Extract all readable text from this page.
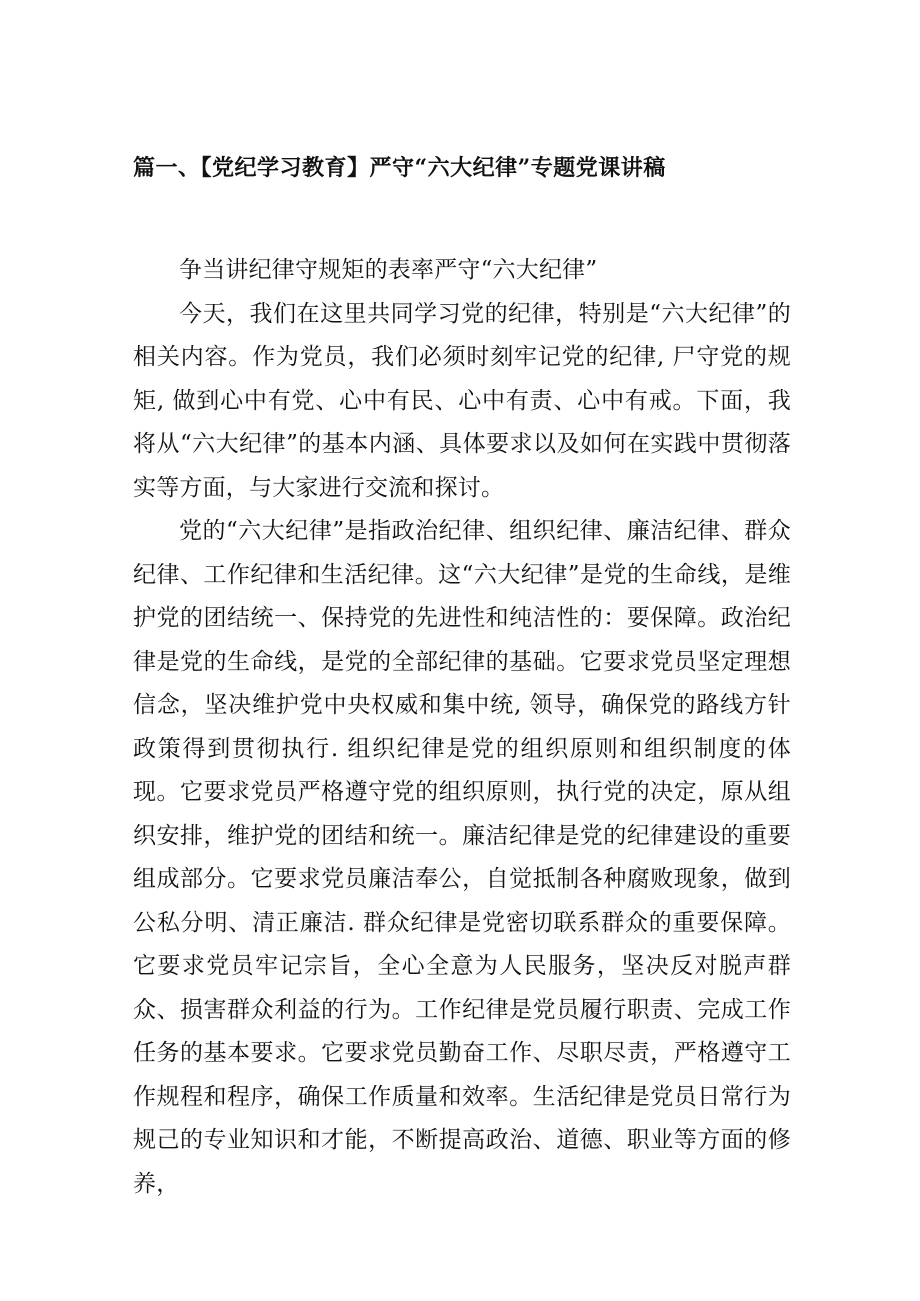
篇一、【党纪学习教育】严守“六大纪律”专题党课讲稿

争当讲纪律守规矩的表率严守“六大纪律”

今天，我们在这里共同学习党的纪律，特别是“六大纪律”的相关内容。作为党员，我们必须时刻牢记党的纪律, 尸守党的规矩, 做到心中有党、心中有民、心中有责、心中有戒。下面，我将从“六大纪律”的基本内涵、具体要求以及如何在实践中贯彻落实等方面，与大家进行交流和探讨。

党的“六大纪律”是指政治纪律、组织纪律、廉洁纪律、群众纪律、工作纪律和生活纪律。这“六大纪律”是党的生命线，是维护党的团结统一、保持党的先进性和纯洁性的：要保障。政治纪律是党的生命线，是党的全部纪律的基础。它要求党员坚定理想信念，坚决维护党中央权威和集中统, 领导，确保党的路线方针政策得到贯彻执行. 组织纪律是党的组织原则和组织制度的体现。它要求党员严格遵守党的组织原则，执行党的决定，原从组织安排，维护党的团结和统一。廉洁纪律是党的纪律建设的重要组成部分。它要求党员廉洁奉公，自觉抵制各种腐败现象，做到公私分明、清正廉洁. 群众纪律是党密切联系群众的重要保障。它要求党员牢记宗旨，全心全意为人民服务，坚决反对脱声群众、损害群众利益的行为。工作纪律是党员履行职责、完成工作任务的基本要求。它要求党员勤奋工作、尽职尽责，严格遵守工作规程和程序，确保工作质量和效率。生活纪律是党员日常行为规己的专业知识和才能，不断提高政治、道德、职业等方面的修养，
